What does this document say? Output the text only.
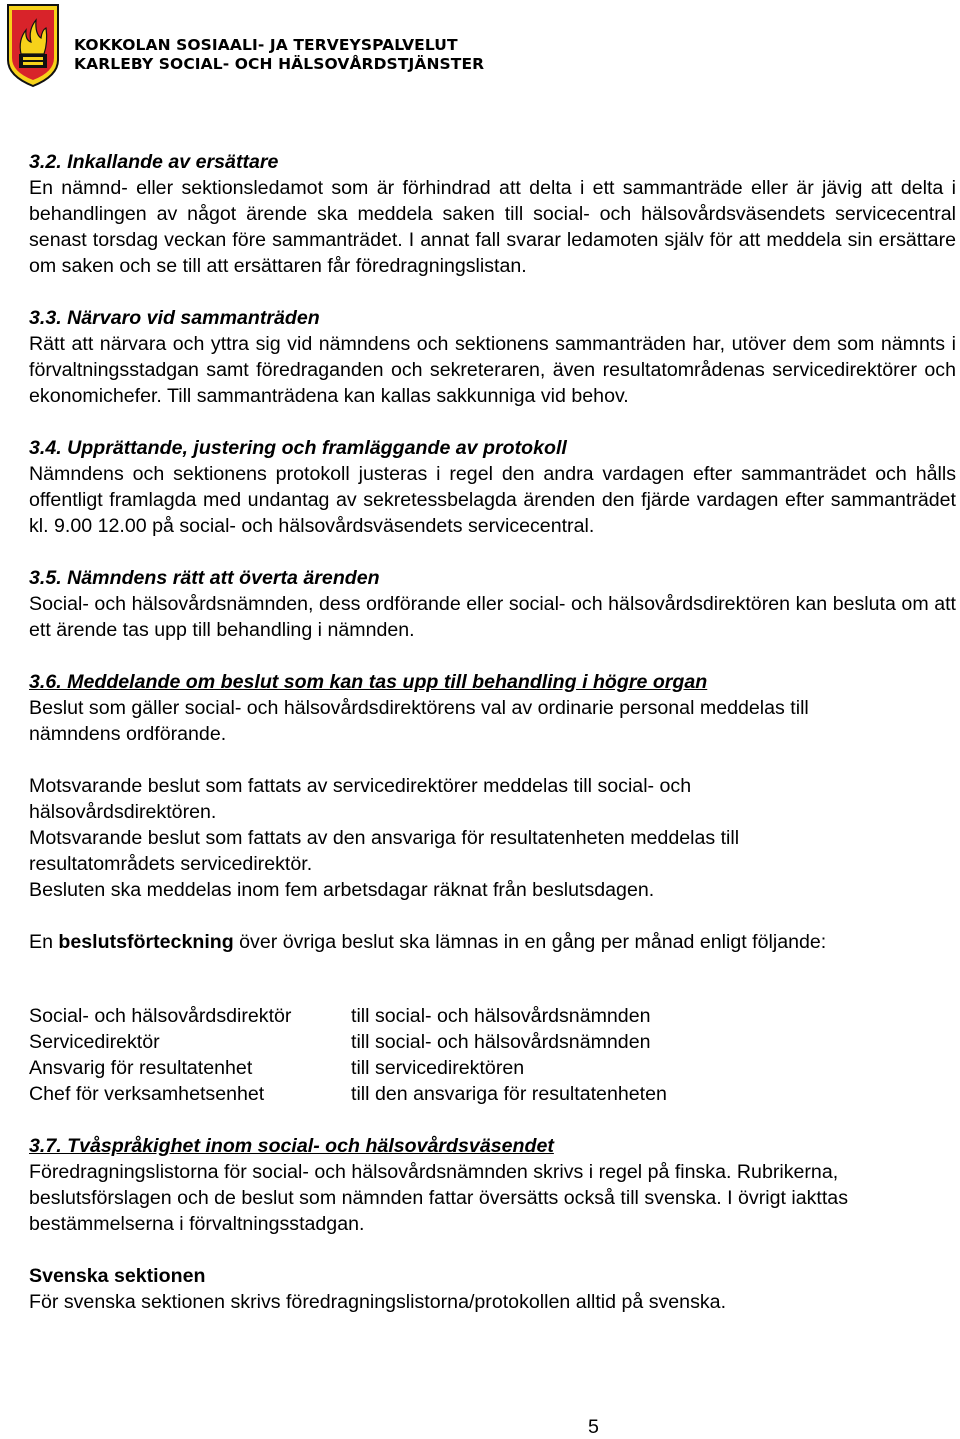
KOKKOLAN SOSIAALI- JA TERVEYSPALVELUT
KARLEBY SOCIAL- OCH HÄLSOVÅRDSTJÄNSTER
3.2. Inkallande av ersättare
En nämnd- eller sektionsledamot som är förhindrad att delta i ett sammanträde eller är jävig att delta i behandlingen av något ärende ska meddela saken till social- och hälsovårdsväsendets servicecentral senast torsdag veckan före sammanträdet. I annat fall svarar ledamoten själv för att meddela sin ersättare om saken och se till att ersättaren får föredragningslistan.
3.3. Närvaro vid sammanträden
Rätt att närvara och yttra sig vid nämndens och sektionens sammanträden har, utöver dem som nämnts i förvaltningsstadgan samt föredraganden och sekreteraren, även resultatområdenas servicedirektörer och ekonomichefer. Till sammanträdena kan kallas sakkunniga vid behov.
3.4. Upprättande, justering och framläggande av protokoll
Nämndens och sektionens protokoll justeras i regel den andra vardagen efter sammanträdet och hålls offentligt framlagda med undantag av sekretessbelagda ärenden den fjärde vardagen efter sammanträdet kl. 9.00 12.00 på social- och hälsovårdsväsendets servicecentral.
3.5. Nämndens rätt att överta ärenden
Social- och hälsovårdsnämnden, dess ordförande eller social- och hälsovårdsdirektören kan besluta om att ett ärende tas upp till behandling i nämnden.
3.6. Meddelande om beslut som kan tas upp till behandling i högre organ

Beslut som gäller social- och hälsovårdsdirektörens val av ordinarie personal meddelas till

nämndens ordförande.

Motsvarande beslut som fattats av servicedirektörer meddelas till social- och

hälsovårdsdirektören.

Motsvarande beslut som fattats av den ansvariga för resultatenheten meddelas till

resultatområdets servicedirektör.

Besluten ska meddelas inom fem arbetsdagar räknat från beslutsdagen.

En beslutsförteckning över övriga beslut ska lämnas in en gång per månad enligt följande:

Social- och hälsovårdsdirektör	till social- och hälsovårdsnämnden
Servicedirektör	till social- och hälsovårdsnämnden
Ansvarig för resultatenhet	till servicedirektören
Chef för verksamhetsenhet	till den ansvariga för resultatenheten
3.7. Tvåspråkighet inom social- och hälsovårdsväsendet

Föredragningslistorna för social- och hälsovårdsnämnden skrivs i regel på finska. Rubrikerna,

beslutsförslagen och de beslut som nämnden fattar översätts också till svenska. I övrigt iakttas

bestämmelserna i förvaltningsstadgan.

Svenska sektionen

För svenska sektionen skrivs föredragningslistorna/protokollen alltid på svenska.

5
